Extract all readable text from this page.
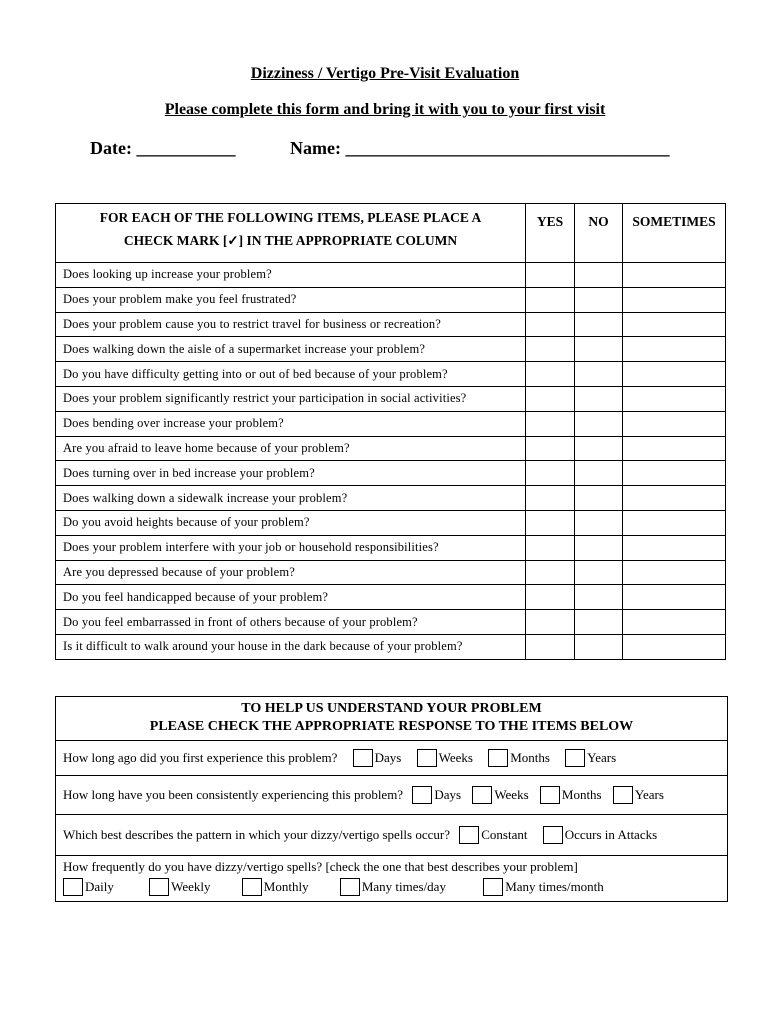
Dizziness / Vertigo Pre-Visit Evaluation
Please complete this form and bring it with you to your first visit
Date: ___________	Name: ____________________________________
FOR EACH OF THE FOLLOWING ITEMS, PLEASE PLACE A
CHECK MARK [✓] IN THE APPROPRIATE COLUMN	YES	NO	SOMETIMES
Does looking up increase your problem?			
Does your problem make you feel frustrated?			
Does your problem cause you to restrict travel for business or recreation?			
Does walking down the aisle of a supermarket increase your problem?			
Do you have difficulty getting into or out of bed because of your problem?			
Does your problem significantly restrict your participation in social activities?			
Does bending over increase your problem?			
Are you afraid to leave home because of your problem?			
Does turning over in bed increase your problem?			
Does walking down a sidewalk increase your problem?			
Do you avoid heights because of your problem?			
Does your problem interfere with your job or household responsibilities?			
Are you depressed because of your problem?			
Do you feel handicapped because of your problem?			
Do you feel embarrassed in front of others because of your problem?			
Is it difficult to walk around your house in the dark because of your problem?			
TO HELP US UNDERSTAND YOUR PROBLEM
PLEASE CHECK THE APPROPRIATE RESPONSE TO THE ITEMS BELOW

How long ago did you first experience this problem?	Days	Weeks	Months	Years
How long have you been consistently experiencing this problem? Days	Weeks	Months	Years
Which best describes the pattern in which your dizzy/vertigo spells occur? Constant	Occurs in Attacks

How frequently do you have dizzy/vertigo spells? [check the one that best describes your problem]
Daily	Weekly	Monthly	Many times/day	Many times/month
